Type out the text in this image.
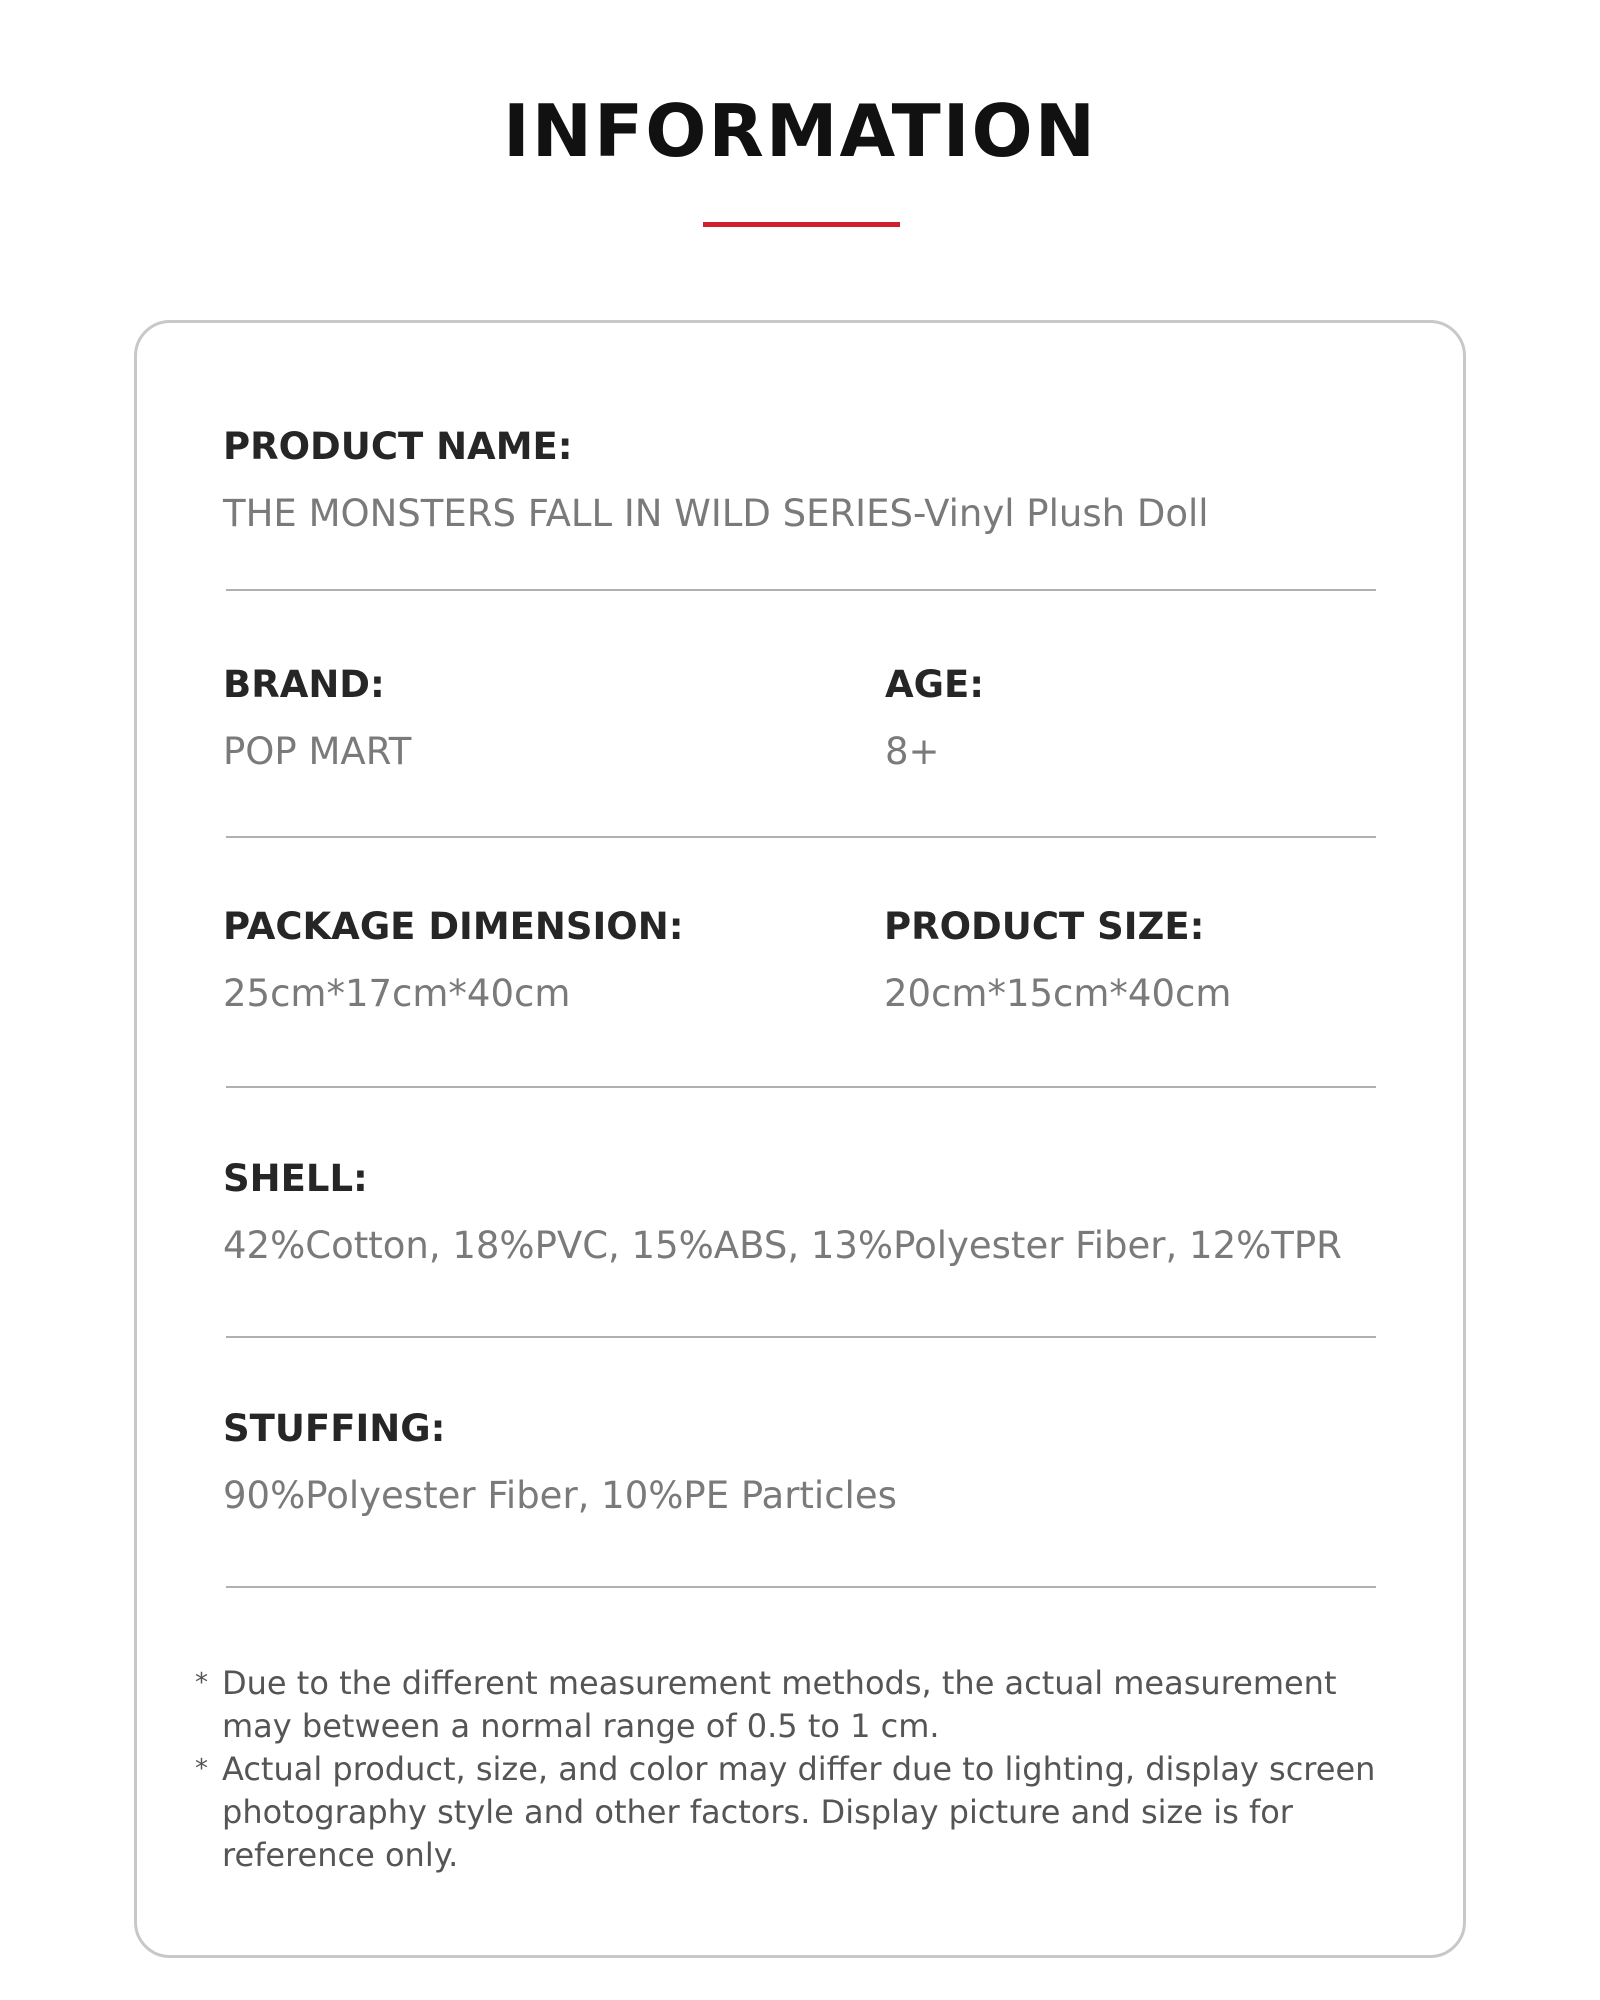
INFORMATION
PRODUCT NAME:
THE MONSTERS FALL IN WILD SERIES-Vinyl Plush Doll
BRAND:
POP MART
AGE:
8+
PACKAGE DIMENSION:
25cm*17cm*40cm
PRODUCT SIZE:
20cm*15cm*40cm
SHELL:
42%Cotton, 18%PVC, 15%ABS, 13%Polyester Fiber, 12%TPR
STUFFING:
90%Polyester Fiber, 10%PE Particles
* Due to the different measurement methods, the actual measurement may between a normal range of 0.5 to 1 cm.
* Actual product, size, and color may differ due to lighting, display screen photography style and other factors. Display picture and size is for reference only.
